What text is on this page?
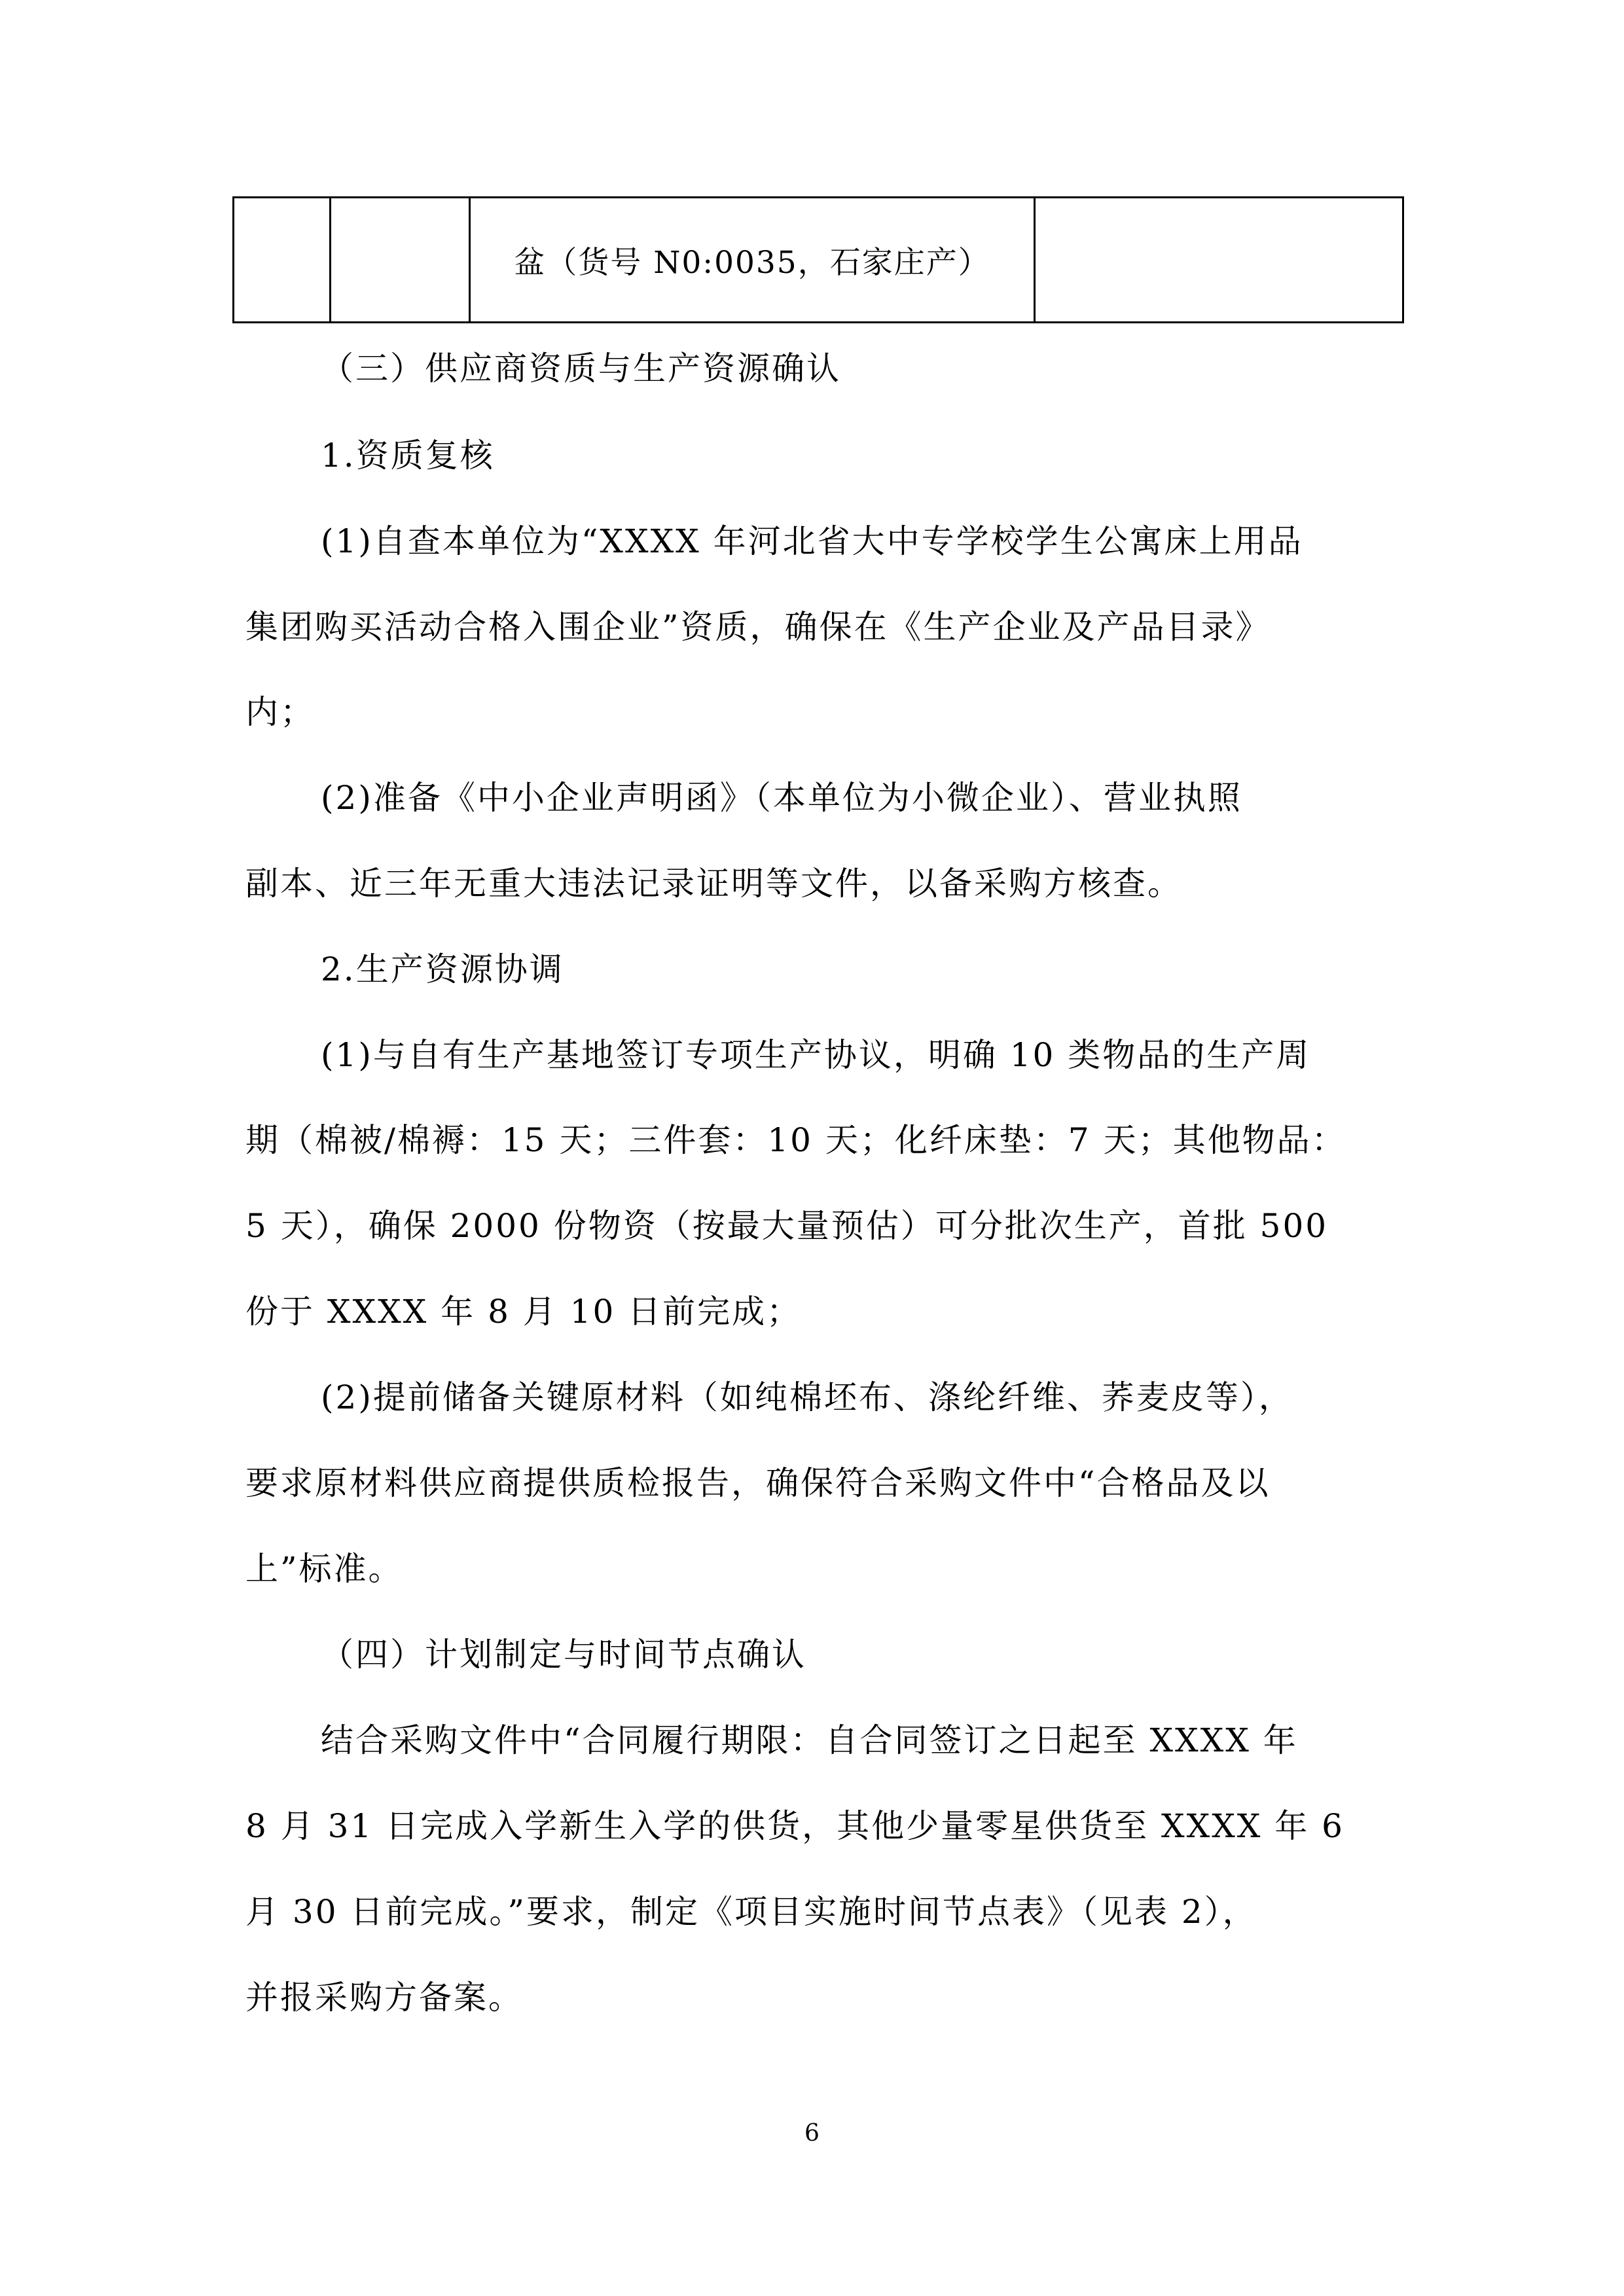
		盆（货号 N0:0035，石家庄产）	
（三）供应商资质与生产资源确认
1.资质复核
(1)自查本单位为“XXXX 年河北省大中专学校学生公寓床上用品
集团购买活动合格入围企业”资质，确保在《生产企业及产品目录》
内；
(2)准备《中小企业声明函》（本单位为小微企业）、营业执照
副本、近三年无重大违法记录证明等文件，以备采购方核查。
2.生产资源协调
(1)与自有生产基地签订专项生产协议，明确 10 类物品的生产周
期（棉被/棉褥：15 天；三件套：10 天；化纤床垫：7 天；其他物品：
5 天），确保 2000 份物资（按最大量预估）可分批次生产，首批 500
份于 XXXX 年 8 月 10 日前完成；
(2)提前储备关键原材料（如纯棉坯布、涤纶纤维、荞麦皮等），
要求原材料供应商提供质检报告，确保符合采购文件中“合格品及以
上”标准。
（四）计划制定与时间节点确认
结合采购文件中“合同履行期限：自合同签订之日起至 XXXX 年
8 月 31 日完成入学新生入学的供货，其他少量零星供货至 XXXX 年 6
月 30 日前完成。”要求，制定《项目实施时间节点表》（见表 2），
并报采购方备案。
6
